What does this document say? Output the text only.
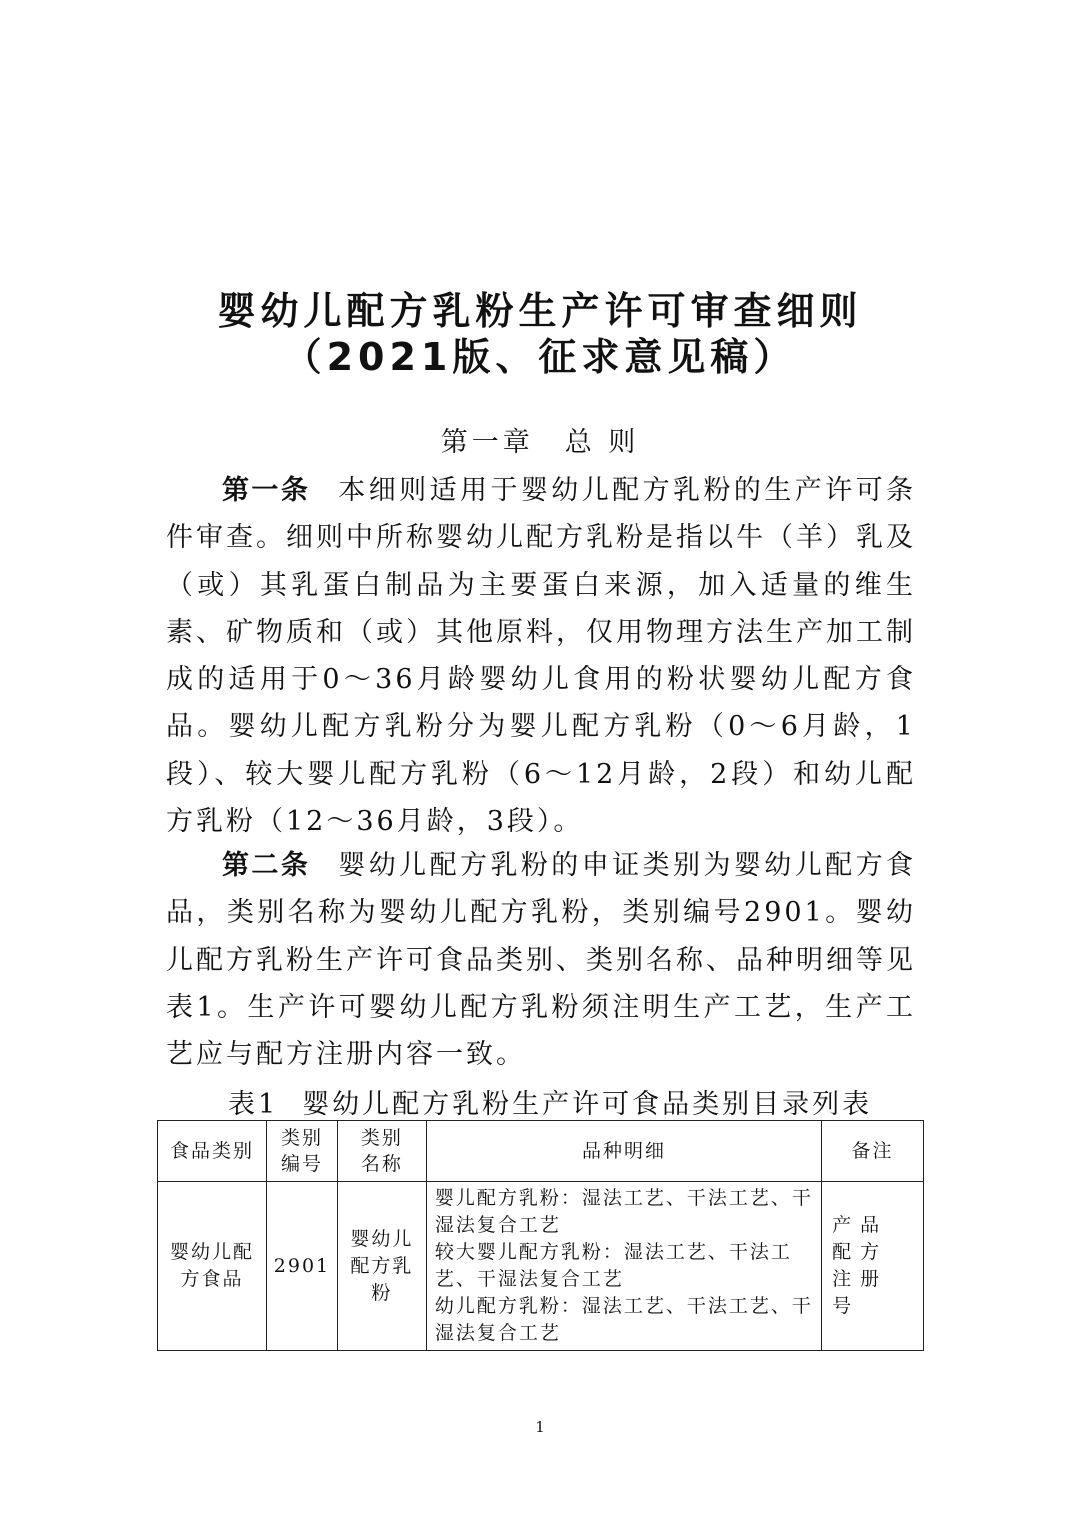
婴幼儿配方乳粉生产许可审查细则
（2021版、征求意见稿）
第一章　总 则

第一条 本细则适用于婴幼儿配方乳粉的生产许可条件审查。细则中所称婴幼儿配方乳粉是指以牛（羊）乳及（或）其乳蛋白制品为主要蛋白来源，加入适量的维生素、矿物质和（或）其他原料，仅用物理方法生产加工制成的适用于0～36月龄婴幼儿食用的粉状婴幼儿配方食品。婴幼儿配方乳粉分为婴儿配方乳粉（0～6月龄，1段）、较大婴儿配方乳粉（6～12月龄，2段）和幼儿配方乳粉（12～36月龄，3段）。

第二条 婴幼儿配方乳粉的申证类别为婴幼儿配方食品，类别名称为婴幼儿配方乳粉，类别编号2901。婴幼儿配方乳粉生产许可食品类别、类别名称、品种明细等见表1。生产许可婴幼儿配方乳粉须注明生产工艺，生产工艺应与配方注册内容一致。

表1 婴幼儿配方乳粉生产许可食品类别目录列表
食品类别	类别编号	类别名称	品种明细	备注

婴幼儿配方食品	2901	婴幼儿配方乳粉	婴儿配方乳粉：湿法工艺、干法工艺、干湿法复合工艺
较大婴儿配方乳粉：湿法工艺、干法工艺、干湿法复合工艺
幼儿配方乳粉：湿法工艺、干法工艺、干湿法复合工艺	产品配方注册号
1
